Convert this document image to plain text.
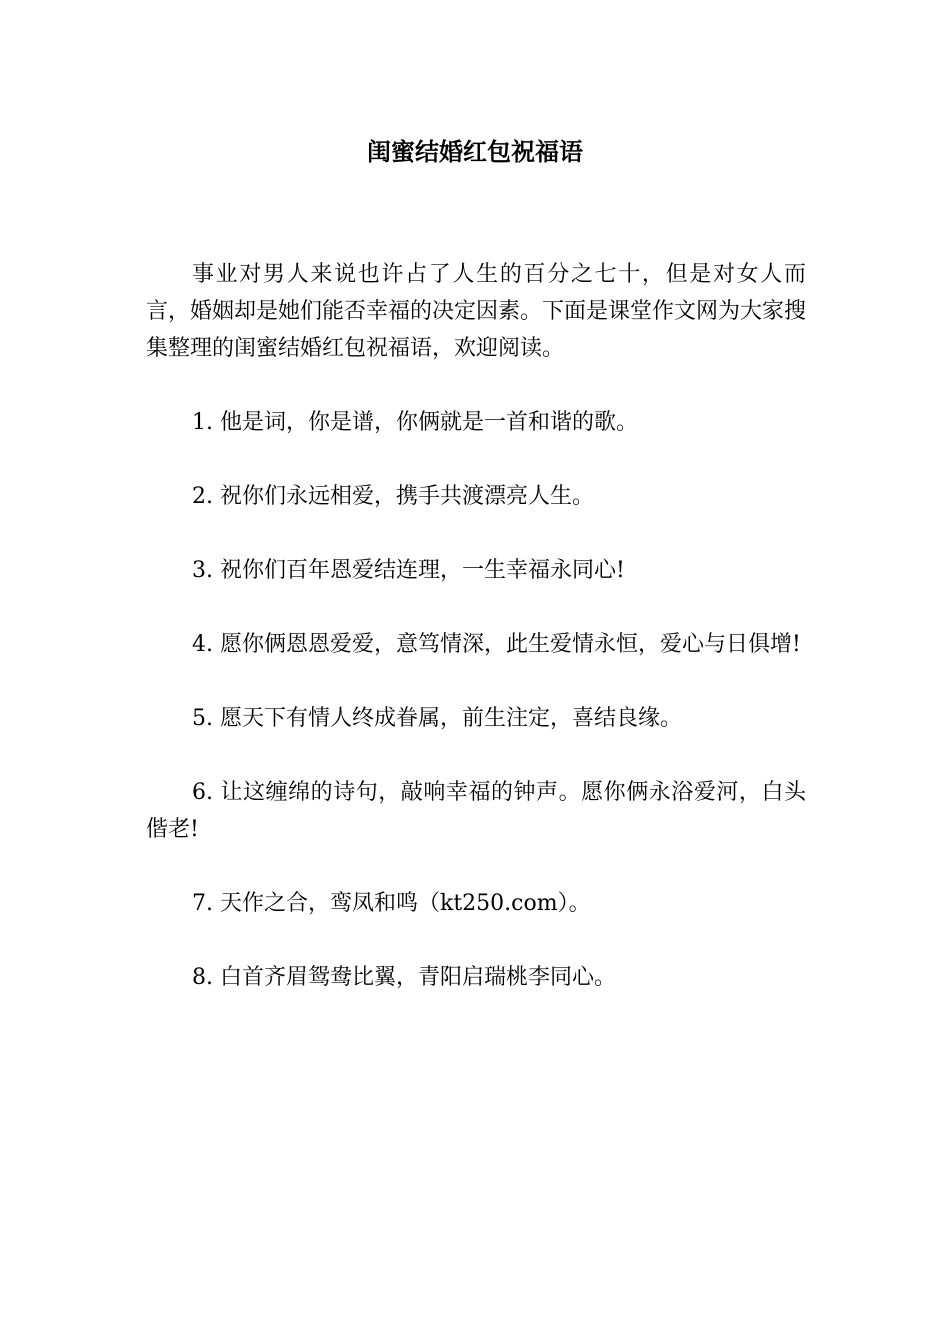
闺蜜结婚红包祝福语

事业对男人来说也许占了人生的百分之七十，但是对女人而言，婚姻却是她们能否幸福的决定因素。下面是课堂作文网为大家搜集整理的闺蜜结婚红包祝福语，欢迎阅读。

1. 他是词，你是谱，你俩就是一首和谐的歌。

2. 祝你们永远相爱，携手共渡漂亮人生。

3. 祝你们百年恩爱结连理，一生幸福永同心!

4. 愿你俩恩恩爱爱，意笃情深，此生爱情永恒，爱心与日俱增!

5. 愿天下有情人终成眷属，前生注定，喜结良缘。

6. 让这缠绵的诗句，敲响幸福的钟声。愿你俩永浴爱河，白头偕老!

7. 天作之合，鸾凤和鸣（kt250.com）。

8. 白首齐眉鸳鸯比翼，青阳启瑞桃李同心。
